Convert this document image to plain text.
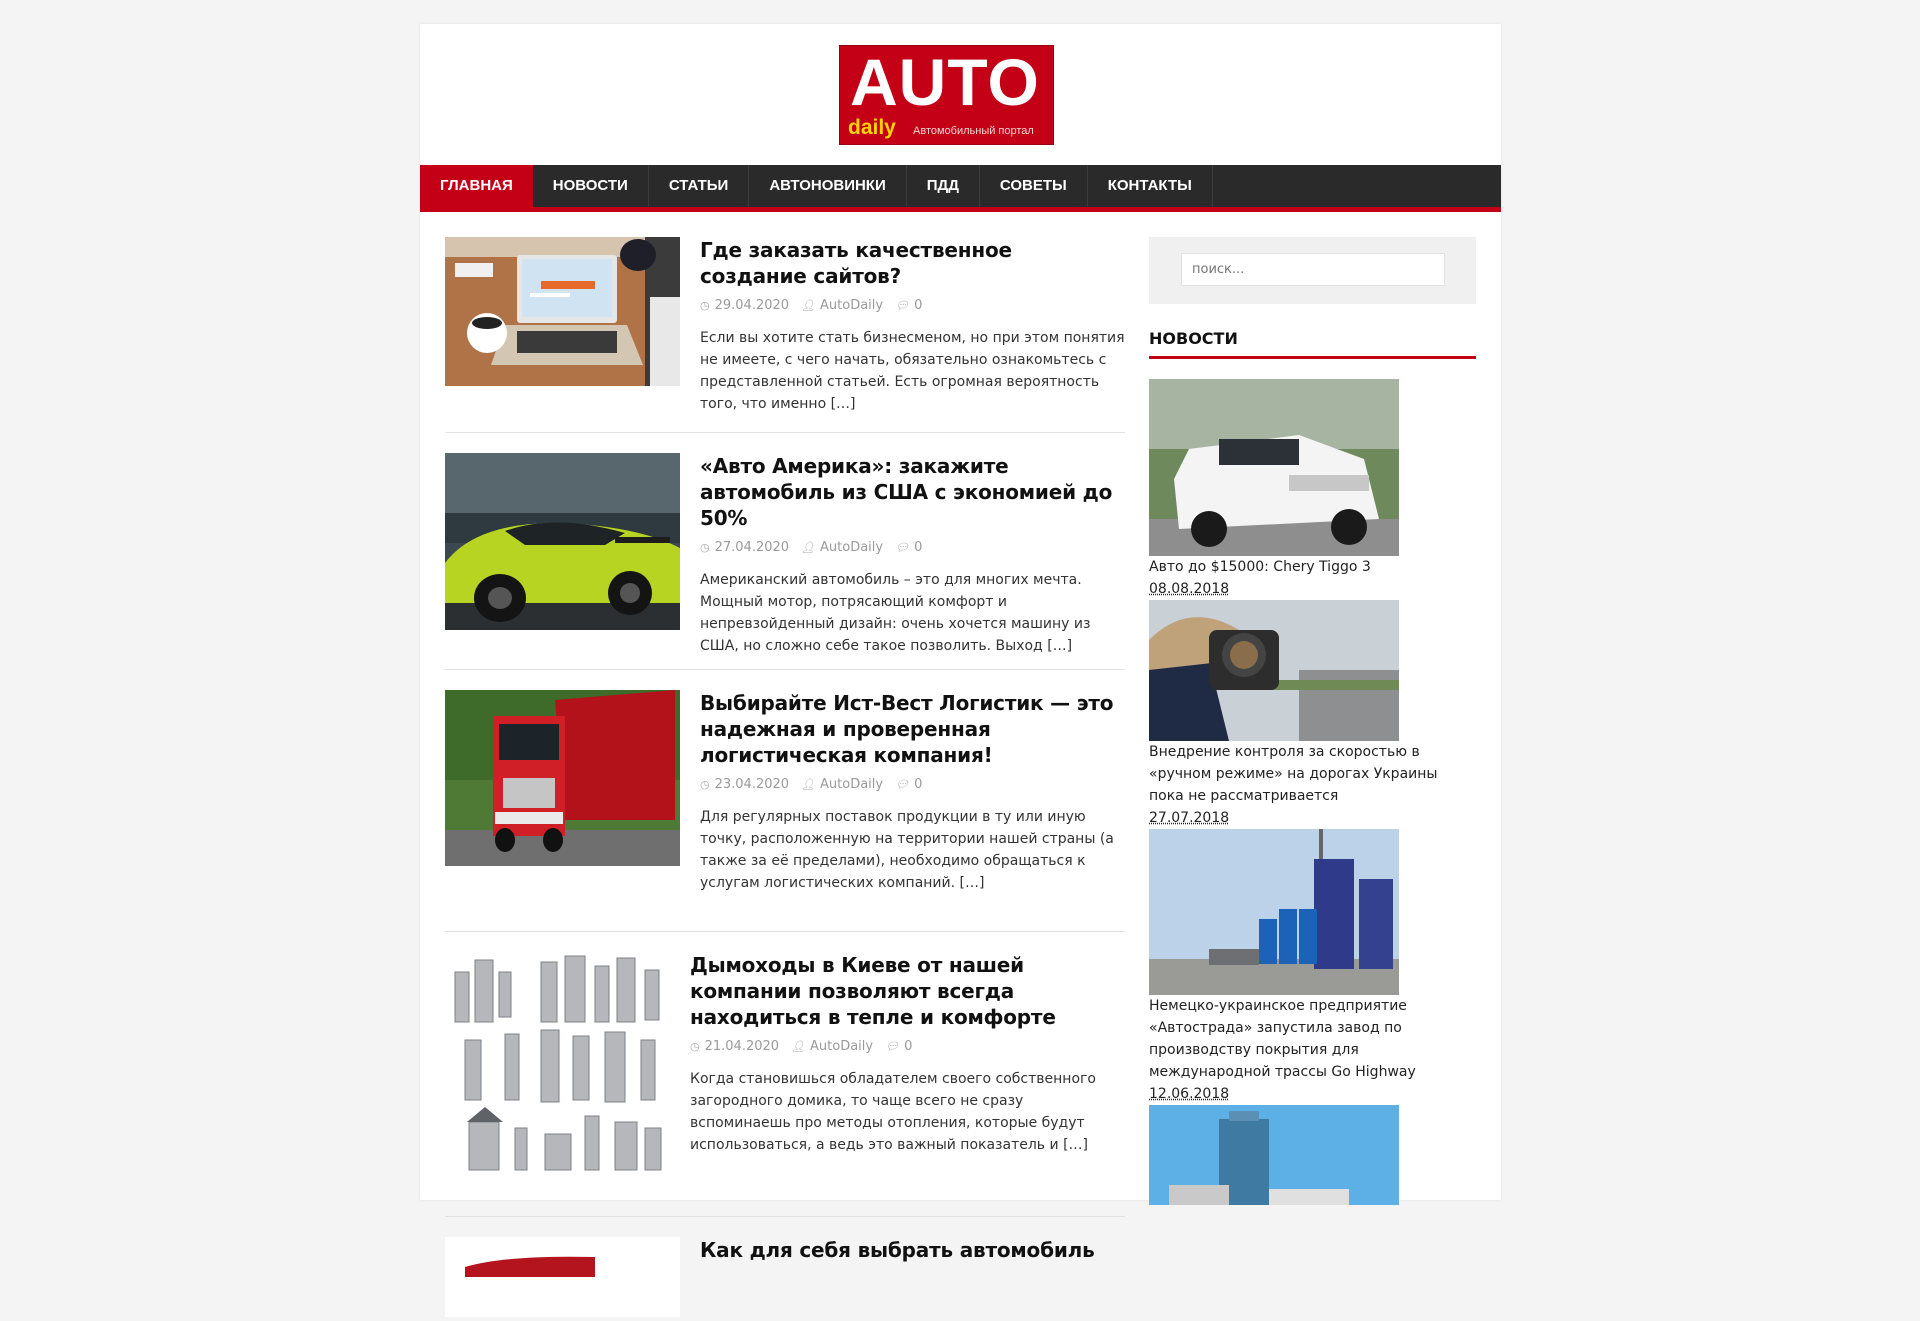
AUTO
daily Автомобильный портал
ГЛАВНАЯ	НОВОСТИ	СТАТЬИ	АВТОНОВИНКИ	ПДД	СОВЕТЫ	КОНТАКТЫ
Где заказать качественное создание сайтов?
◷ 29.04.2020 👤︎ AutoDaily 💬︎ 0
Если вы хотите стать бизнесменом, но при этом понятия не имеете, с чего начать, обязательно ознакомьтесь с представленной статьей. Есть огромная вероятность того, что именно […]
«Авто Америка»: закажите автомобиль из США с экономией до 50%
◷ 27.04.2020 👤︎ AutoDaily 💬︎ 0
Американский автомобиль – это для многих мечта. Мощный мотор, потрясающий комфорт и непревзойденный дизайн: очень хочется машину из США, но сложно себе такое позволить. Выход […]
Выбирайте Ист-Вест Логистик — это надежная и проверенная логистическая компания!
◷ 23.04.2020 👤︎ AutoDaily 💬︎ 0
Для регулярных поставок продукции в ту или иную точку, расположенную на территории нашей страны (а также за её пределами), необходимо обращаться к услугам логистических компаний. […]
Дымоходы в Киеве от нашей компании позволяют всегда находиться в тепле и комфорте
◷ 21.04.2020 👤︎ AutoDaily 💬︎ 0
Когда становишься обладателем своего собственного загородного домика, то чаще всего не сразу вспоминаешь про методы отопления, которые будут использоваться, а ведь это важный показатель и […]
Как для себя выбрать автомобиль
поиск...
НОВОСТИ
Авто до $15000: Chery Tiggo 3
08.08.2018
Внедрение контроля за скоростью в «ручном режиме» на дорогах Украины пока не рассматривается
27.07.2018
Немецко-украинское предприятие «Автострада» запустила завод по производству покрытия для международной трассы Go Highway
12.06.2018
